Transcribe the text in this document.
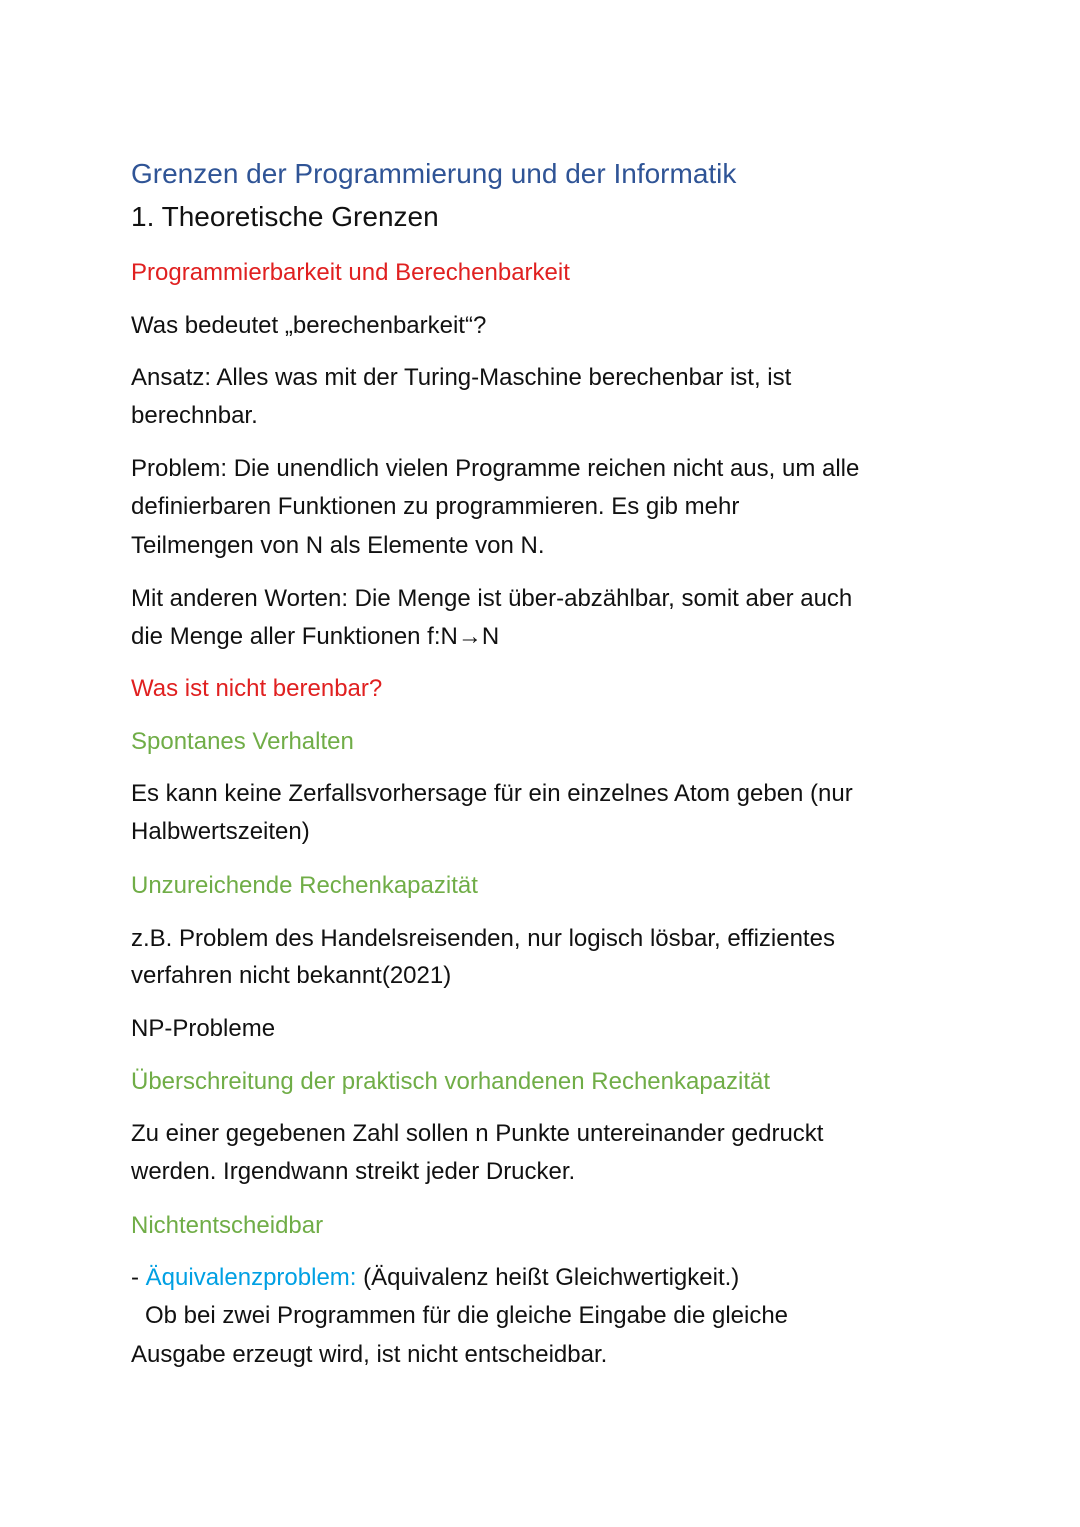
Grenzen der Programmierung und der Informatik
1. Theoretische Grenzen
Programmierbarkeit und Berechenbarkeit
Was bedeutet „berechenbarkeit“?
Ansatz: Alles was mit der Turing-Maschine berechenbar ist, ist
berechnbar.
Problem: Die unendlich vielen Programme reichen nicht aus, um alle
definierbaren Funktionen zu programmieren. Es gib mehr
Teilmengen von N als Elemente von N.
Mit anderen Worten: Die Menge ist über-abzählbar, somit aber auch
die Menge aller Funktionen f:N→N
Was ist nicht berenbar?
Spontanes Verhalten
Es kann keine Zerfallsvorhersage für ein einzelnes Atom geben (nur
Halbwertszeiten)
Unzureichende Rechenkapazität
z.B. Problem des Handelsreisenden, nur logisch lösbar, effizientes
verfahren nicht bekannt(2021)
NP-Probleme
Überschreitung der praktisch vorhandenen Rechenkapazität
Zu einer gegebenen Zahl sollen n Punkte untereinander gedruckt
werden. Irgendwann streikt jeder Drucker.
Nichtentscheidbar
- Äquivalenzproblem: (Äquivalenz heißt Gleichwertigkeit.)
Ob bei zwei Programmen für die gleiche Eingabe die gleiche
Ausgabe erzeugt wird, ist nicht entscheidbar.
